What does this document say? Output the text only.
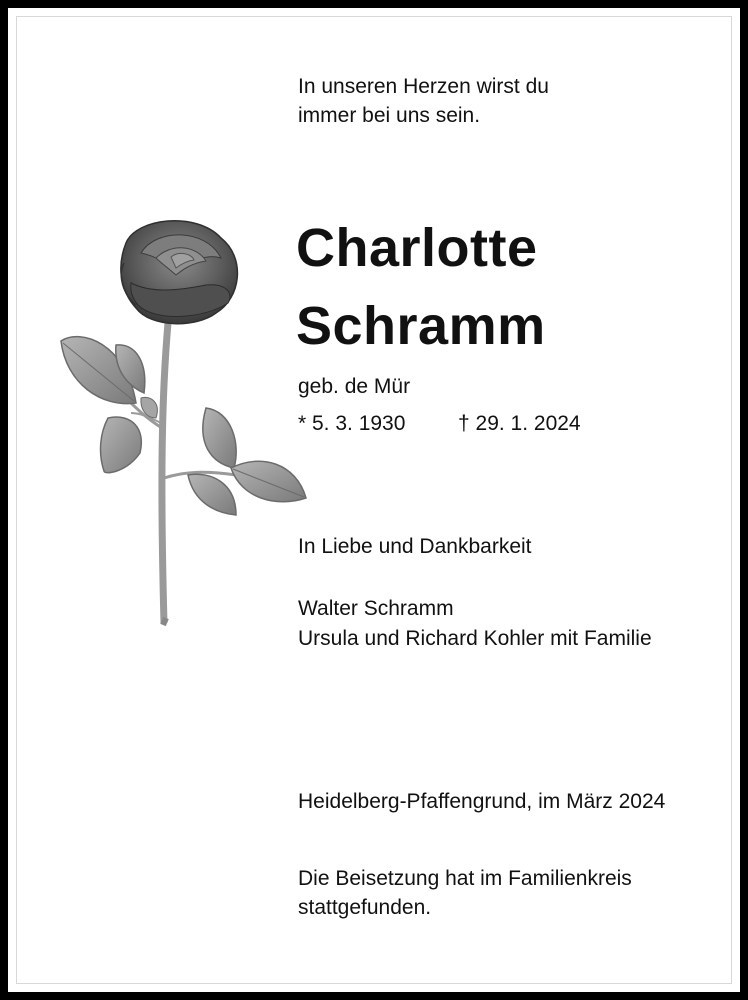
In unseren Herzen wirst du
immer bei uns sein.
Charlotte
Schramm
geb. de Mür
* 5. 3. 1930	† 29. 1. 2024
In Liebe und Dankbarkeit
Walter Schramm
Ursula und Richard Kohler mit Familie
Heidelberg-Pfaffengrund, im März 2024
Die Beisetzung hat im Familienkreis
stattgefunden.
